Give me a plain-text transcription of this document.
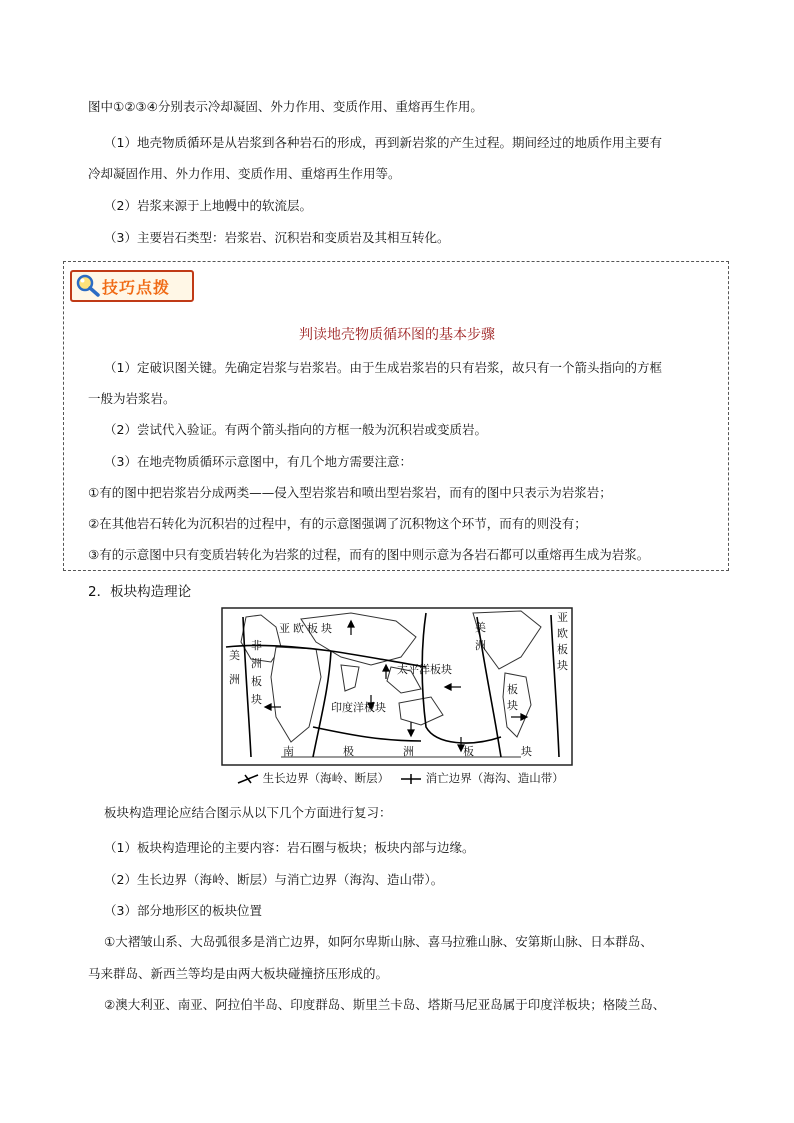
图中①②③④分别表示冷却凝固、外力作用、变质作用、重熔再生作用。
（1）地壳物质循环是从岩浆到各种岩石的形成，再到新岩浆的产生过程。期间经过的地质作用主要有
冷却凝固作用、外力作用、变质作用、重熔再生作用等。
（2）岩浆来源于上地幔中的软流层。
（3）主要岩石类型：岩浆岩、沉积岩和变质岩及其相互转化。
技巧点拨
判读地壳物质循环图的基本步骤
（1）定破识图关键。先确定岩浆与岩浆岩。由于生成岩浆岩的只有岩浆，故只有一个箭头指向的方框
一般为岩浆岩。
（2）尝试代入验证。有两个箭头指向的方框一般为沉积岩或变质岩。
（3）在地壳物质循环示意图中，有几个地方需要注意：
①有的图中把岩浆岩分成两类——侵入型岩浆岩和喷出型岩浆岩，而有的图中只表示为岩浆岩；
②在其他岩石转化为沉积岩的过程中，有的示意图强调了沉积物这个环节，而有的则没有；
③有的示意图中只有变质岩转化为岩浆的过程，而有的图中则示意为各岩石都可以重熔再生成为岩浆。
2．板块构造理论
亚 欧 板 块
太平洋板块
印度洋板块
非
洲
板
块
美
洲
美
洲
板
块
亚
欧
板
块
南	极	洲	板	块
生长边界（海岭、断层）	消亡边界（海沟、造山带）
板块构造理论应结合图示从以下几个方面进行复习：
（1）板块构造理论的主要内容：岩石圈与板块；板块内部与边缘。
（2）生长边界（海岭、断层）与消亡边界（海沟、造山带）。
（3）部分地形区的板块位置
①大褶皱山系、大岛弧很多是消亡边界，如阿尔卑斯山脉、喜马拉雅山脉、安第斯山脉、日本群岛、
马来群岛、新西兰等均是由两大板块碰撞挤压形成的。
②澳大利亚、南亚、阿拉伯半岛、印度群岛、斯里兰卡岛、塔斯马尼亚岛属于印度洋板块；格陵兰岛、
